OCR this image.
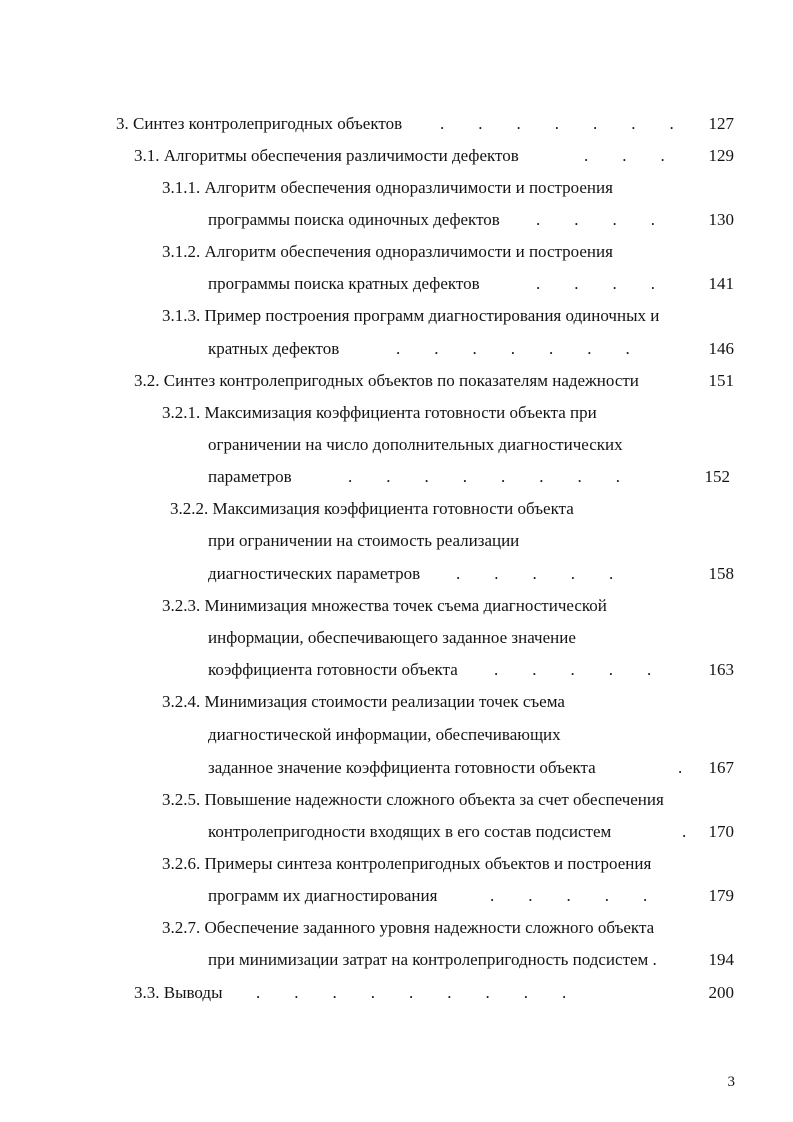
3. Синтез контролепригодных объектов .        .        .        .        .        .        .	127
3.1. Алгоритмы обеспечения различимости дефектов	.        .        .	129
3.1.1. Алгоритм обеспечения одноразличимости и построения
программы поиска одиночных дефектов .        .        .        .	130
3.1.2. Алгоритм обеспечения одноразличимости и построения
программы поиска кратных дефектов	.        .        .        .	141
3.1.3. Пример построения программ диагностирования одиночных и
кратных дефектов	.        .        .        .        .        .        .	146
3.2. Синтез контролепригодных объектов по показателям надежности	151
3.2.1. Максимизация коэффициента готовности объекта при
ограничении на число дополнительных диагностических
параметров	.        .        .        .        .        .        .        .	152
3.2.2. Максимизация коэффициента готовности объекта
при ограничении на стоимость реализации
диагностических параметров .        .        .        .        .	158
3.2.3. Минимизация множества точек съема диагностической
информации, обеспечивающего заданное значение
коэффициента готовности объекта .        .        .        .        .	163
3.2.4. Минимизация стоимости реализации точек съема
диагностической информации, обеспечивающих
заданное значение коэффициента готовности объекта	.	167
3.2.5. Повышение надежности сложного объекта за счет обеспечения
контролепригодности входящих в его состав подсистем	.	170
3.2.6. Примеры синтеза контролепригодных объектов и построения
программ их диагностирования	.        .        .        .        .	179
3.2.7. Обеспечение заданного уровня надежности сложного объекта
при минимизации затрат на контролепригодность подсистем .	194
3.3. Выводы .        .        .        .        .        .        .        .        .	200
3
